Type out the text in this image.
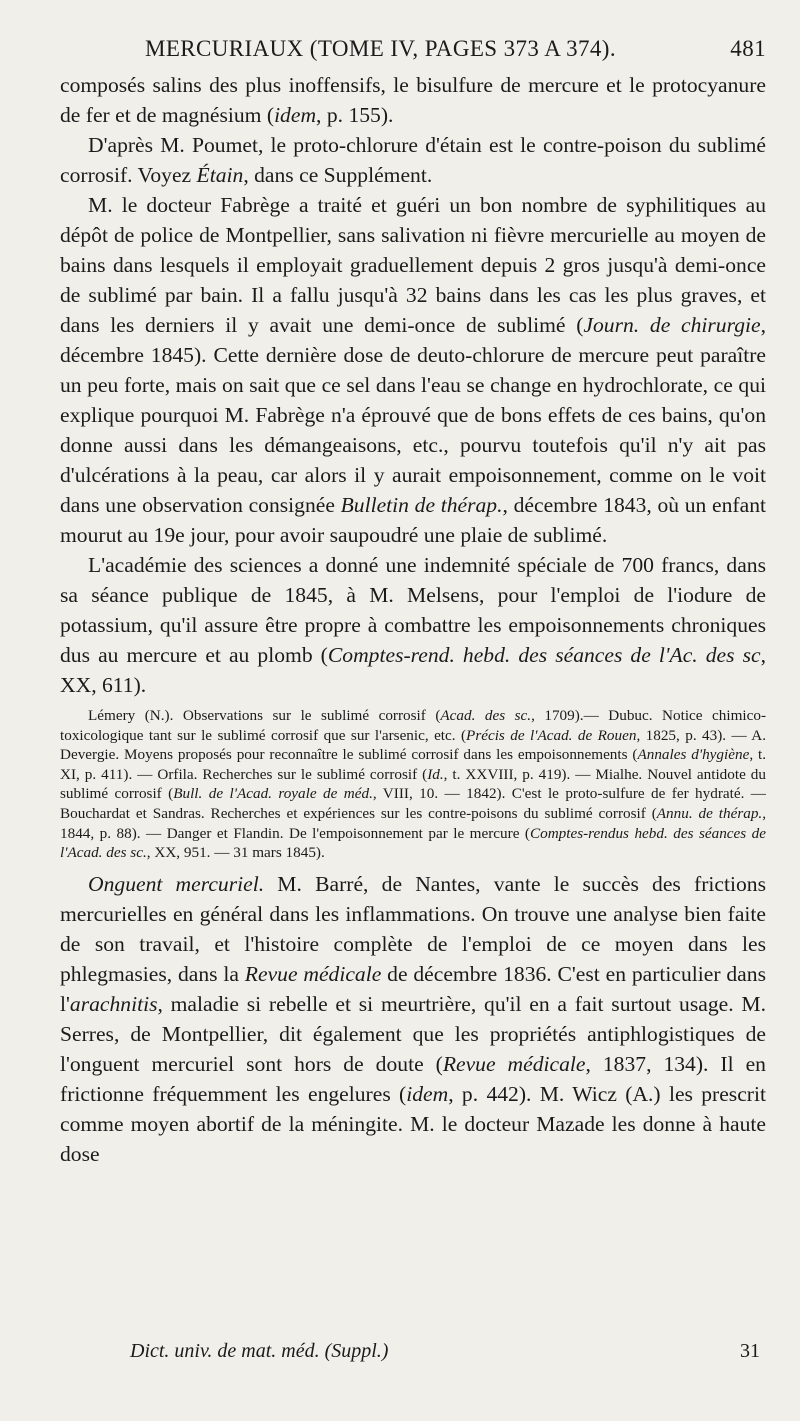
MERCURIAUX (TOME IV, PAGES 373 A 374).	481

composés salins des plus inoffensifs, le bisulfure de mercure et le protocyanure de fer et de magnésium (idem, p. 155).

D'après M. Poumet, le proto-chlorure d'étain est le contre-poison du sublimé corrosif. Voyez Étain, dans ce Supplément.

M. le docteur Fabrège a traité et guéri un bon nombre de syphilitiques au dépôt de police de Montpellier, sans salivation ni fièvre mercurielle au moyen de bains dans lesquels il employait graduellement depuis 2 gros jusqu'à demi-once de sublimé par bain. Il a fallu jusqu'à 32 bains dans les cas les plus graves, et dans les derniers il y avait une demi-once de sublimé (Journ. de chirurgie, décembre 1845). Cette dernière dose de deuto-chlorure de mercure peut paraître un peu forte, mais on sait que ce sel dans l'eau se change en hydrochlorate, ce qui explique pourquoi M. Fabrège n'a éprouvé que de bons effets de ces bains, qu'on donne aussi dans les démangeaisons, etc., pourvu toutefois qu'il n'y ait pas d'ulcérations à la peau, car alors il y aurait empoisonnement, comme on le voit dans une observation consignée Bulletin de thérap., décembre 1843, où un enfant mourut au 19e jour, pour avoir saupoudré une plaie de sublimé.

L'académie des sciences a donné une indemnité spéciale de 700 francs, dans sa séance publique de 1845, à M. Melsens, pour l'emploi de l'iodure de potassium, qu'il assure être propre à combattre les empoisonnements chroniques dus au mercure et au plomb (Comptes-rend. hebd. des séances de l'Ac. des sc, XX, 611).

Lémery (N.). Observations sur le sublimé corrosif (Acad. des sc., 1709).— Dubuc. Notice chimico-toxicologique tant sur le sublimé corrosif que sur l'arsenic, etc. (Précis de l'Acad. de Rouen, 1825, p. 43). — A. Devergie. Moyens proposés pour reconnaître le sublimé corrosif dans les empoisonnements (Annales d'hygiène, t. XI, p. 411). — Orfila. Recherches sur le sublimé corrosif (Id., t. XXVIII, p. 419). — Mialhe. Nouvel antidote du sublimé corrosif (Bull. de l'Acad. royale de méd., VIII, 10. — 1842). C'est le proto-sulfure de fer hydraté. — Bouchardat et Sandras. Recherches et expériences sur les contre-poisons du sublimé corrosif (Annu. de thérap., 1844, p. 88). — Danger et Flandin. De l'empoisonnement par le mercure (Comptes-rendus hebd. des séances de l'Acad. des sc., XX, 951. — 31 mars 1845).

Onguent mercuriel. M. Barré, de Nantes, vante le succès des frictions mercurielles en général dans les inflammations. On trouve une analyse bien faite de son travail, et l'histoire complète de l'emploi de ce moyen dans les phlegmasies, dans la Revue médicale de décembre 1836. C'est en particulier dans l'arachnitis, maladie si rebelle et si meurtrière, qu'il en a fait surtout usage. M. Serres, de Montpellier, dit également que les propriétés antiphlogistiques de l'onguent mercuriel sont hors de doute (Revue médicale, 1837, 134). Il en frictionne fréquemment les engelures (idem, p. 442). M. Wicz (A.) les prescrit comme moyen abortif de la méningite. M. le docteur Mazade les donne à haute dose

Dict. univ. de mat. méd. (Suppl.)	31
